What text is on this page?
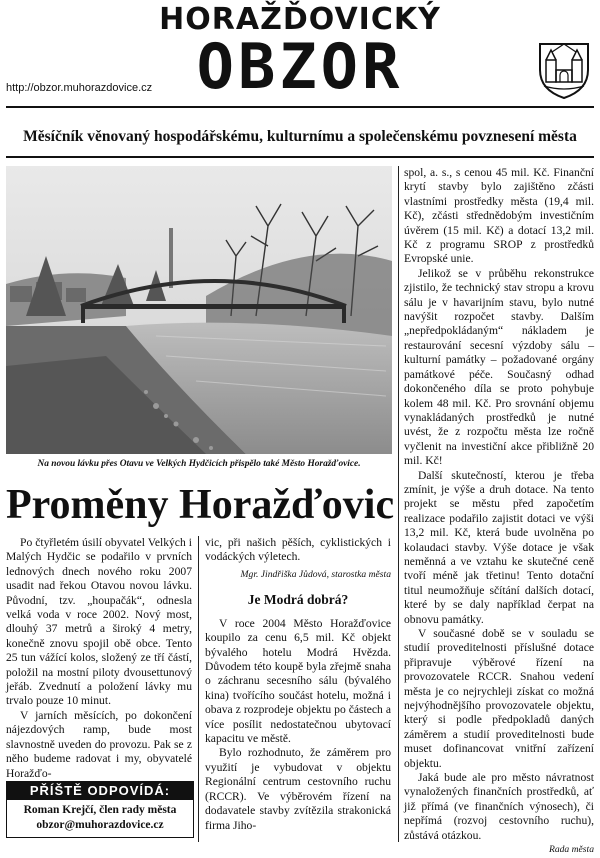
HORAŽĎOVICKÝ
OBZOR
http://obzor.muhorazdovice.cz
Měsíčník věnovaný hospodářskému, kulturnímu a společenskému povznesení města
Na novou lávku přes Otavu ve Velkých Hydčicích přispělo také Město Horažďovice.
Proměny Horažďovic

Po čtyřletém úsilí obyvatel Velkých i Malých Hydčic se podařilo v prvních lednových dnech nového roku 2007 usadit nad řekou Otavou novou lávku. Původní, tzv. „houpačák“, odnesla velká voda v roce 2002. Nový most, dlouhý 37 metrů a široký 4 metry, konečně znovu spojil obě obce. Tento 25 tun vážící kolos, složený ze tří částí, položil na mostní piloty dvousettunový jeřáb. Zvednutí a položení lávky mu trvalo pouze 10 minut.

V jarních měsících, po dokončení nájezdových ramp, bude most slavnostně uveden do provozu. Pak se z něho budeme radovat i my, obyvatelé Horažďo-

vic, při našich pěších, cyklistických i vodáckých výletech.

Mgr. Jindřiška Jůdová, starostka města
Je Modrá dobrá?

V roce 2004 Město Horažďovice koupilo za cenu 6,5 mil. Kč objekt bývalého hotelu Modrá Hvězda. Důvodem této koupě byla zřejmě snaha o záchranu secesního sálu (bývalého kina) tvořícího součást hotelu, možná i obava z rozprodeje objektu po částech a více posílit nedostatečnou ubytovací kapacitu ve městě.

Bylo rozhodnuto, že záměrem pro využití je vybudovat v objektu Regionální centrum cestovního ruchu (RCCR). Ve výběrovém řízení na dodavatele stavby zvítězila strakonická firma Jiho-

spol, a. s., s cenou 45 mil. Kč. Finanční krytí stavby bylo zajištěno zčásti vlastními prostředky města (19,4 mil. Kč), zčásti střednědobým investičním úvěrem (15 mil. Kč) a dotací 13,2 mil. Kč z programu SROP z prostředků Evropské unie.

Jelikož se v průběhu rekonstrukce zjistilo, že technický stav stropu a krovu sálu je v havarijním stavu, bylo nutné navýšit rozpočet stavby. Dalším „nepředpokládaným“ nákladem je restaurování secesní výzdoby sálu – kulturní památky – požadované orgány památkové péče. Současný odhad dokončeného díla se proto pohybuje kolem 48 mil. Kč. Pro srovnání objemu vynakládaných prostředků je nutné uvést, že z rozpočtu města lze ročně vyčlenit na investiční akce přibližně 20 mil. Kč!

Další skutečností, kterou je třeba zmínit, je výše a druh dotace. Na tento projekt se městu před započetím realizace podařilo zajistit dotaci ve výši 13,2 mil. Kč, která bude uvolněna po kolaudaci stavby. Výše dotace je však neměnná a ve vztahu ke skutečné ceně tvoří méně jak třetinu! Tento dotační titul neumožňuje sčítání dalších dotací, které by se daly například čerpat na obnovu památky.

V současné době se v souladu se studií proveditelnosti příslušné dotace připravuje výběrové řízení na provozovatele RCCR. Snahou vedení města je co nejrychleji získat co možná nejvýhodnějšího provozovatele objektu, který si podle předpokladů daných záměrem a studií proveditelnosti bude muset dofinancovat vnitřní zařízení objektu.

Jaká bude ale pro město návratnost vynaložených finančních prostředků, ať již přímá (ve finančních výnosech), či nepřímá (rozvoj cestovního ruchu), zůstává otázkou.

Rada města
PŘÍŠTĚ ODPOVÍDÁ:
Roman Krejčí, člen rady města
obzor@muhorazdovice.cz
